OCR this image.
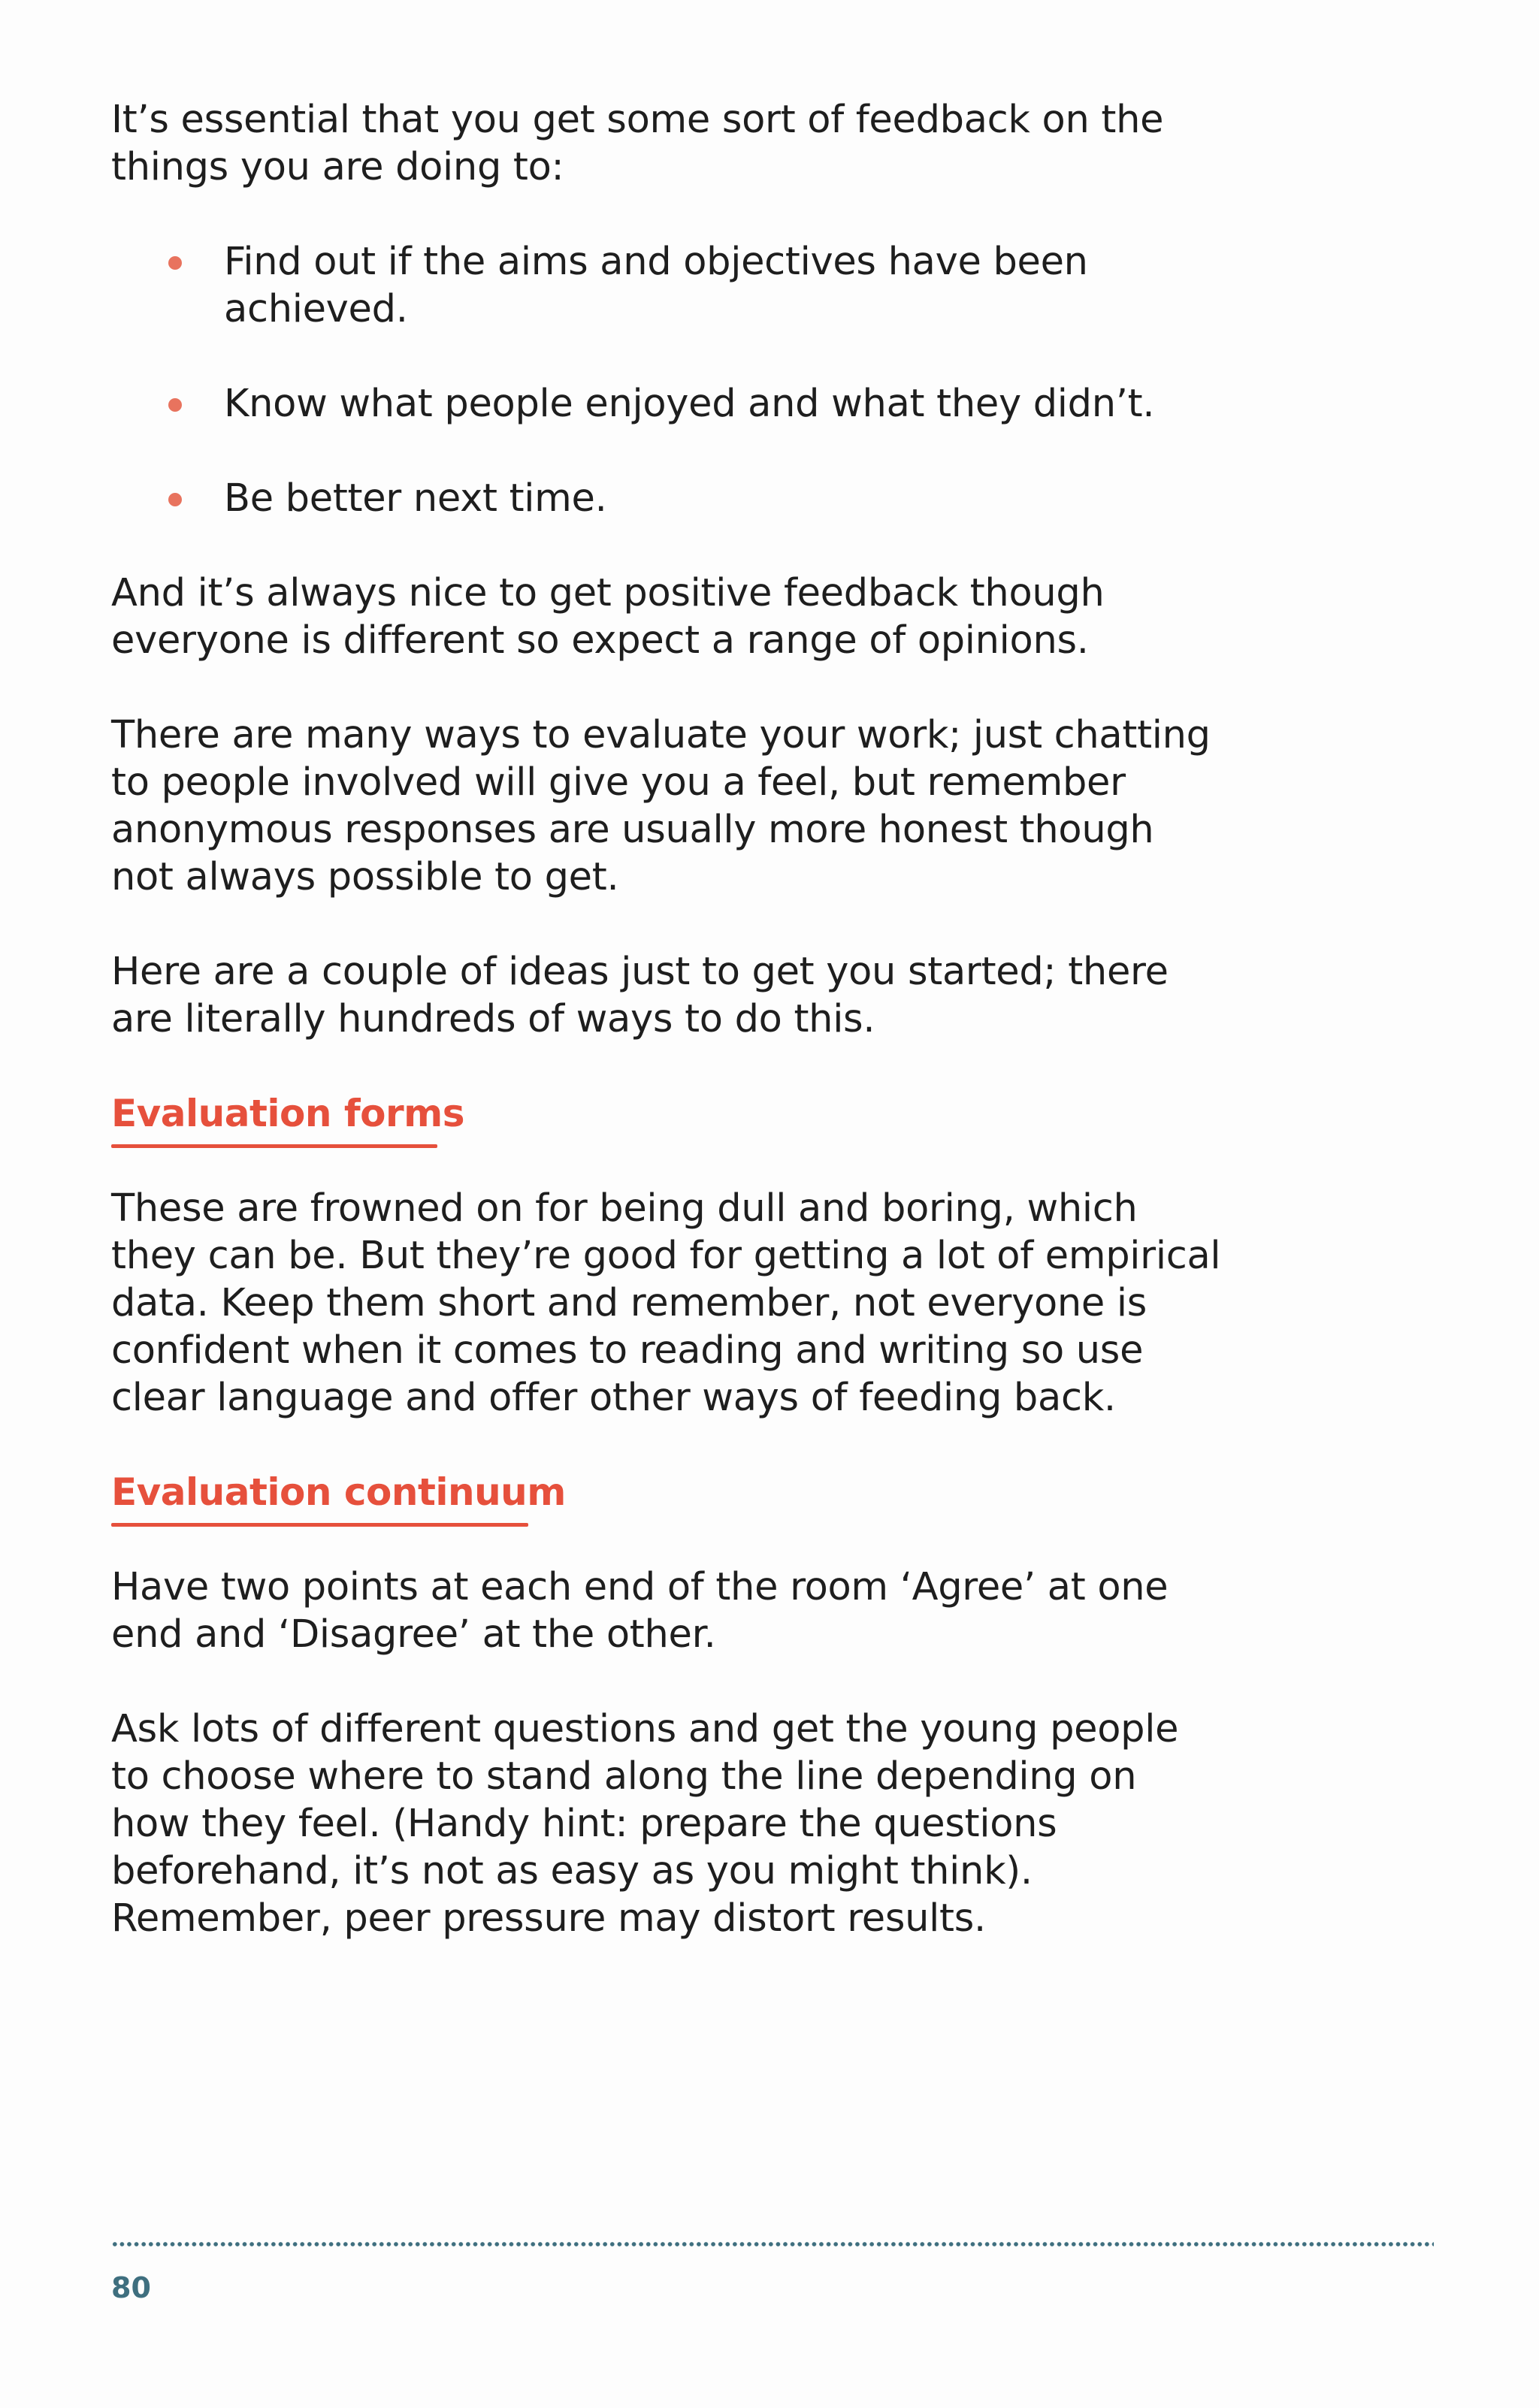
It’s essential that you get some sort of feedback on the things you are doing to:

Find out if the aims and objectives have been achieved.
Know what people enjoyed and what they didn’t.
Be better next time.

And it’s always nice to get positive feedback though everyone is different so expect a range of opinions.

There are many ways to evaluate your work; just chatting to people involved will give you a feel, but remember anonymous responses are usually more honest though not always possible to get.

Here are a couple of ideas just to get you started; there are literally hundreds of ways to do this.

Evaluation forms

These are frowned on for being dull and boring, which they can be. But they’re good for getting a lot of empirical data. Keep them short and remember, not everyone is confident when it comes to reading and writing so use clear language and offer other ways of feeding back.

Evaluation continuum

Have two points at each end of the room ‘Agree’ at one end and ‘Disagree’ at the other.

Ask lots of different questions and get the young people to choose where to stand along the line depending on how they feel. (Handy hint: prepare the questions beforehand, it’s not as easy as you might think). Remember, peer pressure may distort results.

80
